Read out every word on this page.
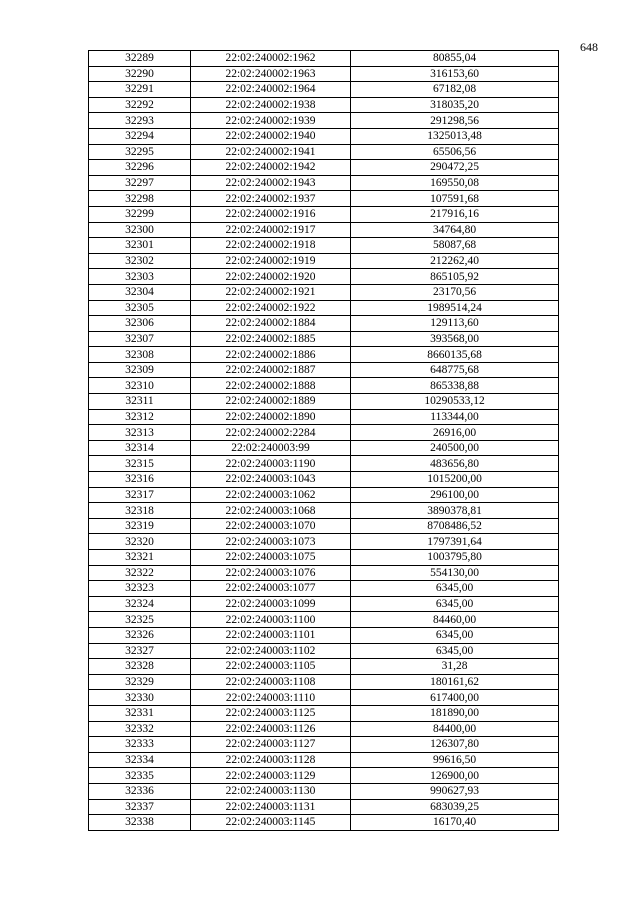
648
32289	22:02:240002:1962	80855,04
32290	22:02:240002:1963	316153,60
32291	22:02:240002:1964	67182,08
32292	22:02:240002:1938	318035,20
32293	22:02:240002:1939	291298,56
32294	22:02:240002:1940	1325013,48
32295	22:02:240002:1941	65506,56
32296	22:02:240002:1942	290472,25
32297	22:02:240002:1943	169550,08
32298	22:02:240002:1937	107591,68
32299	22:02:240002:1916	217916,16
32300	22:02:240002:1917	34764,80
32301	22:02:240002:1918	58087,68
32302	22:02:240002:1919	212262,40
32303	22:02:240002:1920	865105,92
32304	22:02:240002:1921	23170,56
32305	22:02:240002:1922	1989514,24
32306	22:02:240002:1884	129113,60
32307	22:02:240002:1885	393568,00
32308	22:02:240002:1886	8660135,68
32309	22:02:240002:1887	648775,68
32310	22:02:240002:1888	865338,88
32311	22:02:240002:1889	10290533,12
32312	22:02:240002:1890	113344,00
32313	22:02:240002:2284	26916,00
32314	22:02:240003:99	240500,00
32315	22:02:240003:1190	483656,80
32316	22:02:240003:1043	1015200,00
32317	22:02:240003:1062	296100,00
32318	22:02:240003:1068	3890378,81
32319	22:02:240003:1070	8708486,52
32320	22:02:240003:1073	1797391,64
32321	22:02:240003:1075	1003795,80
32322	22:02:240003:1076	554130,00
32323	22:02:240003:1077	6345,00
32324	22:02:240003:1099	6345,00
32325	22:02:240003:1100	84460,00
32326	22:02:240003:1101	6345,00
32327	22:02:240003:1102	6345,00
32328	22:02:240003:1105	31,28
32329	22:02:240003:1108	180161,62
32330	22:02:240003:1110	617400,00
32331	22:02:240003:1125	181890,00
32332	22:02:240003:1126	84400,00
32333	22:02:240003:1127	126307,80
32334	22:02:240003:1128	99616,50
32335	22:02:240003:1129	126900,00
32336	22:02:240003:1130	990627,93
32337	22:02:240003:1131	683039,25
32338	22:02:240003:1145	16170,40
